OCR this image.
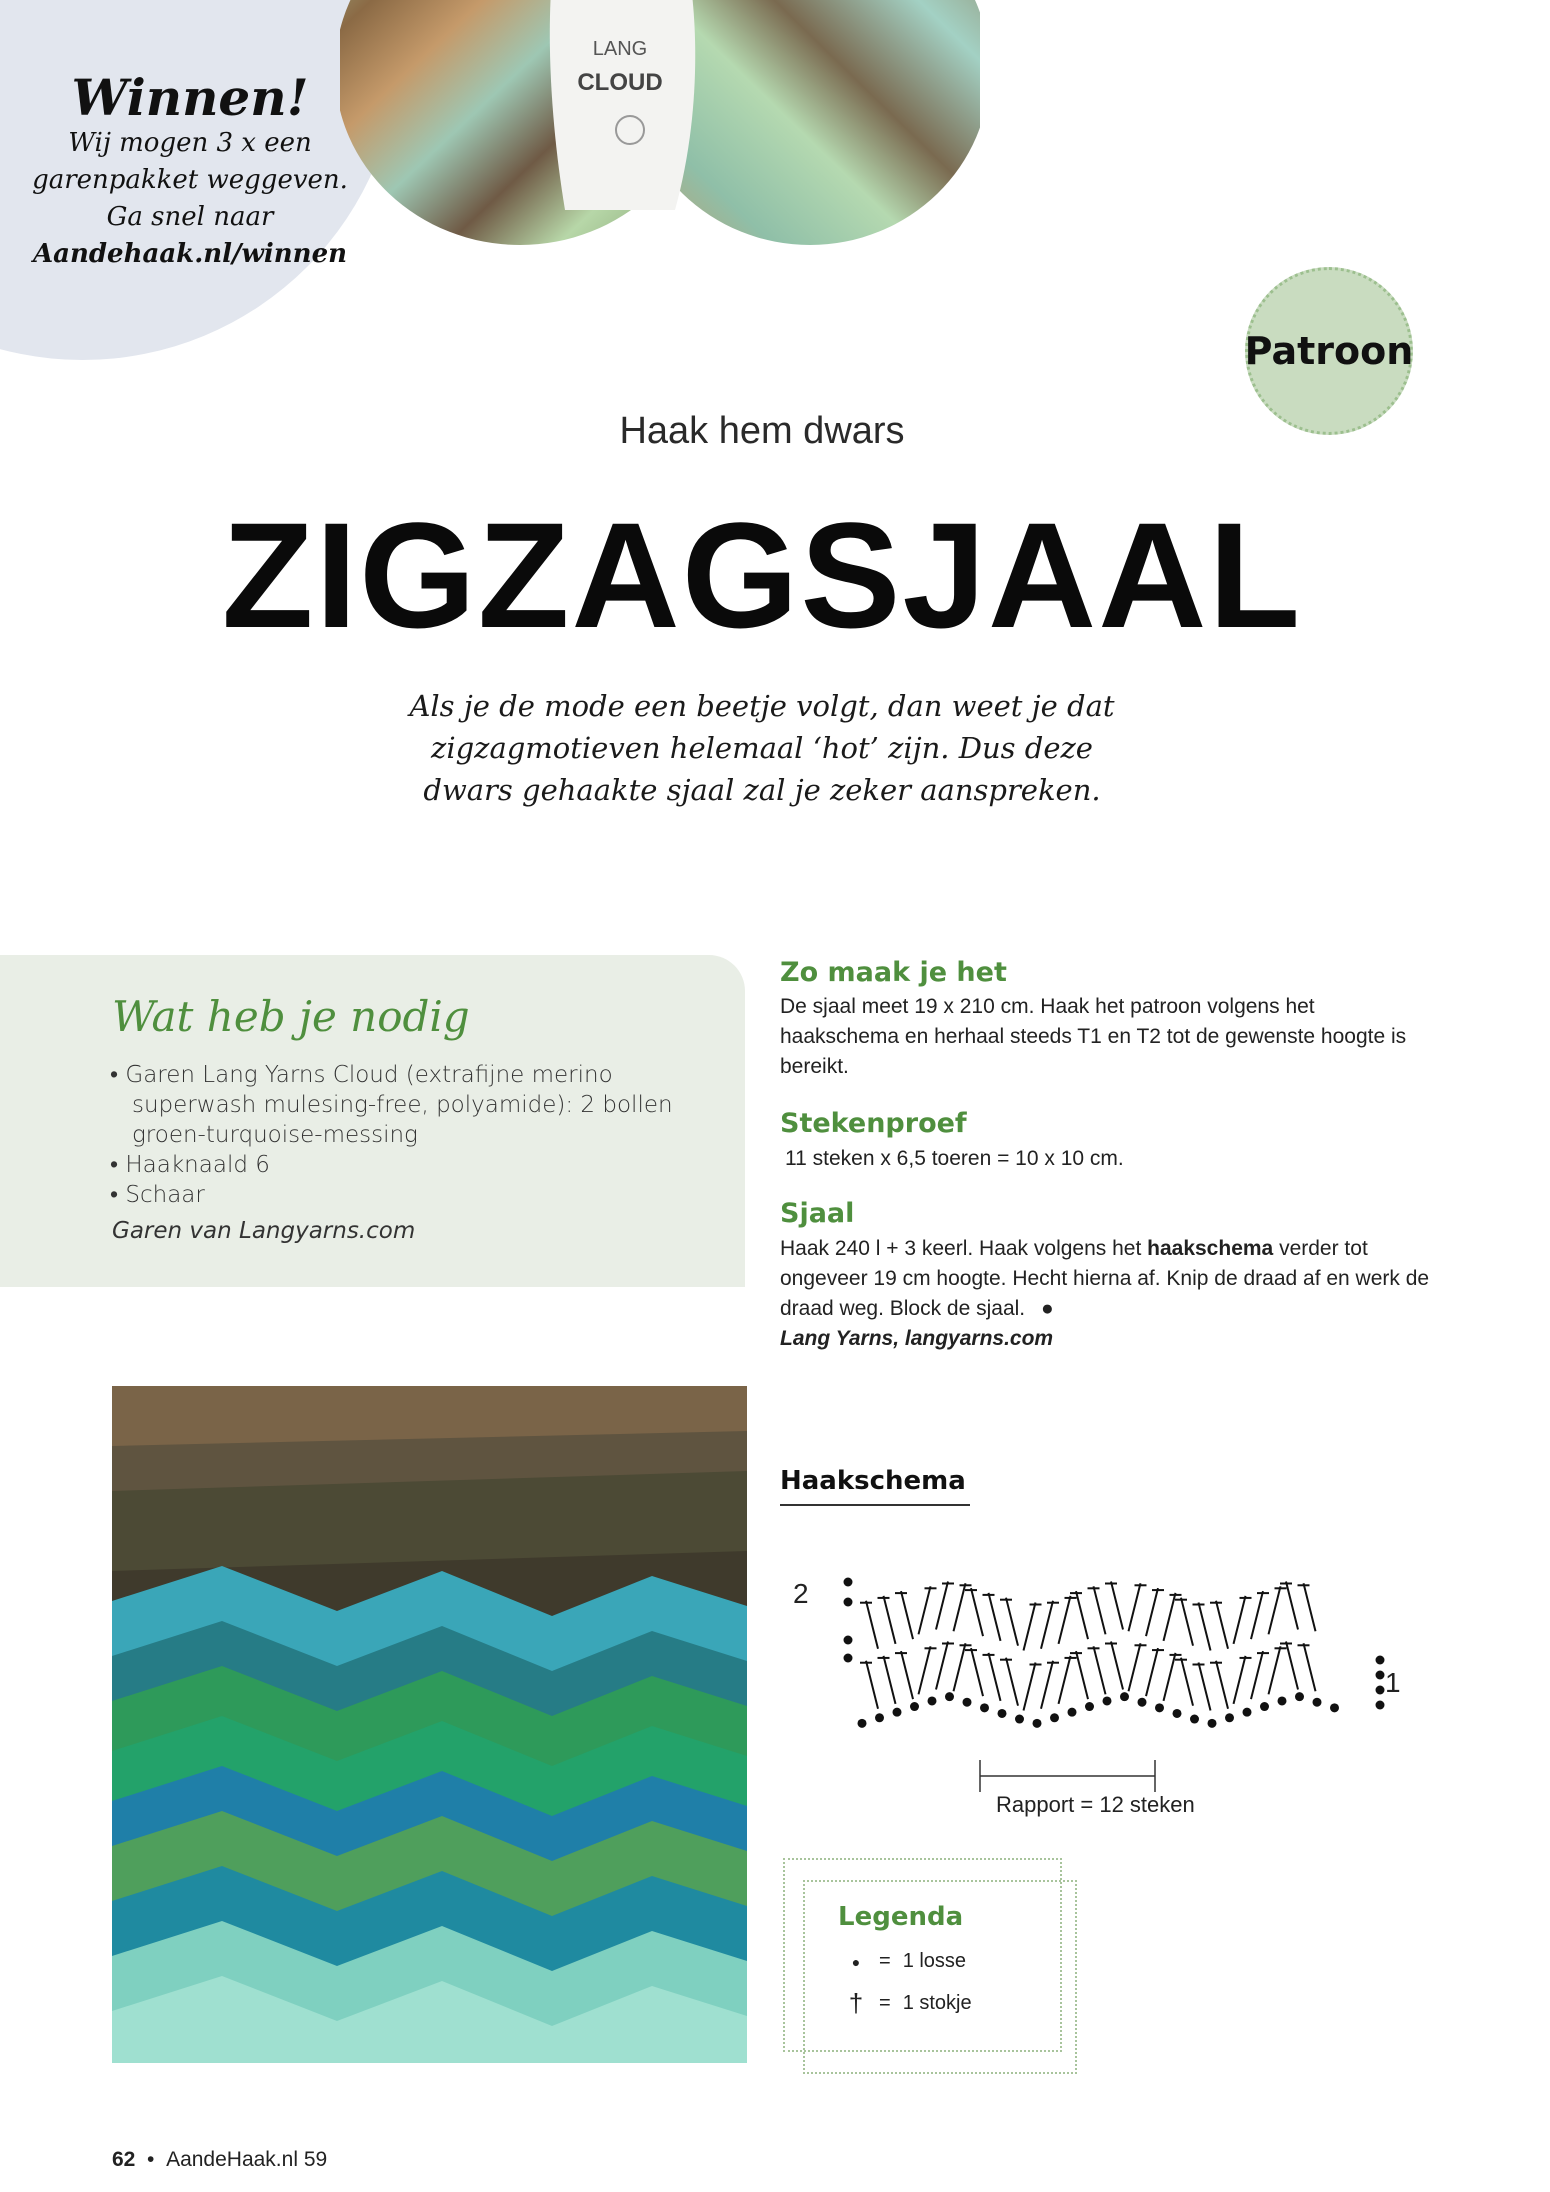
Winnen!
Wij mogen 3 x een
garenpakket weggeven.
Ga snel naar
Aandehaak.nl/winnen
LANG
CLOUD
Patroon
Haak hem dwars
ZIGZAGSJAAL
Als je de mode een beetje volgt, dan weet je dat
zigzagmotieven helemaal ‘hot’ zijn. Dus deze
dwars gehaakte sjaal zal je zeker aanspreken.
Wat heb je nodig
• Garen Lang Yarns Cloud (extrafijne merino superwash mulesing-free, polyamide): 2 bollen groen-turquoise-messing
• Haaknaald 6
• Schaar
Garen van Langyarns.com
Zo maak je het
De sjaal meet 19 x 210 cm. Haak het patroon volgens het haakschema en herhaal steeds T1 en T2 tot de gewenste hoogte is bereikt.
Stekenproef
11 steken x 6,5 toeren = 10 x 10 cm.
Sjaal
Haak 240 l + 3 keerl. Haak volgens het haakschema verder tot ongeveer 19 cm hoogte. Hecht hierna af. Knip de draad af en werk de draad weg. Block de sjaal. ●
Lang Yarns, langyarns.com
Haakschema
2
1
Rapport = 12 steken
Legenda
● = 1 losse
† = 1 stokje
62 • AandeHaak.nl 59
